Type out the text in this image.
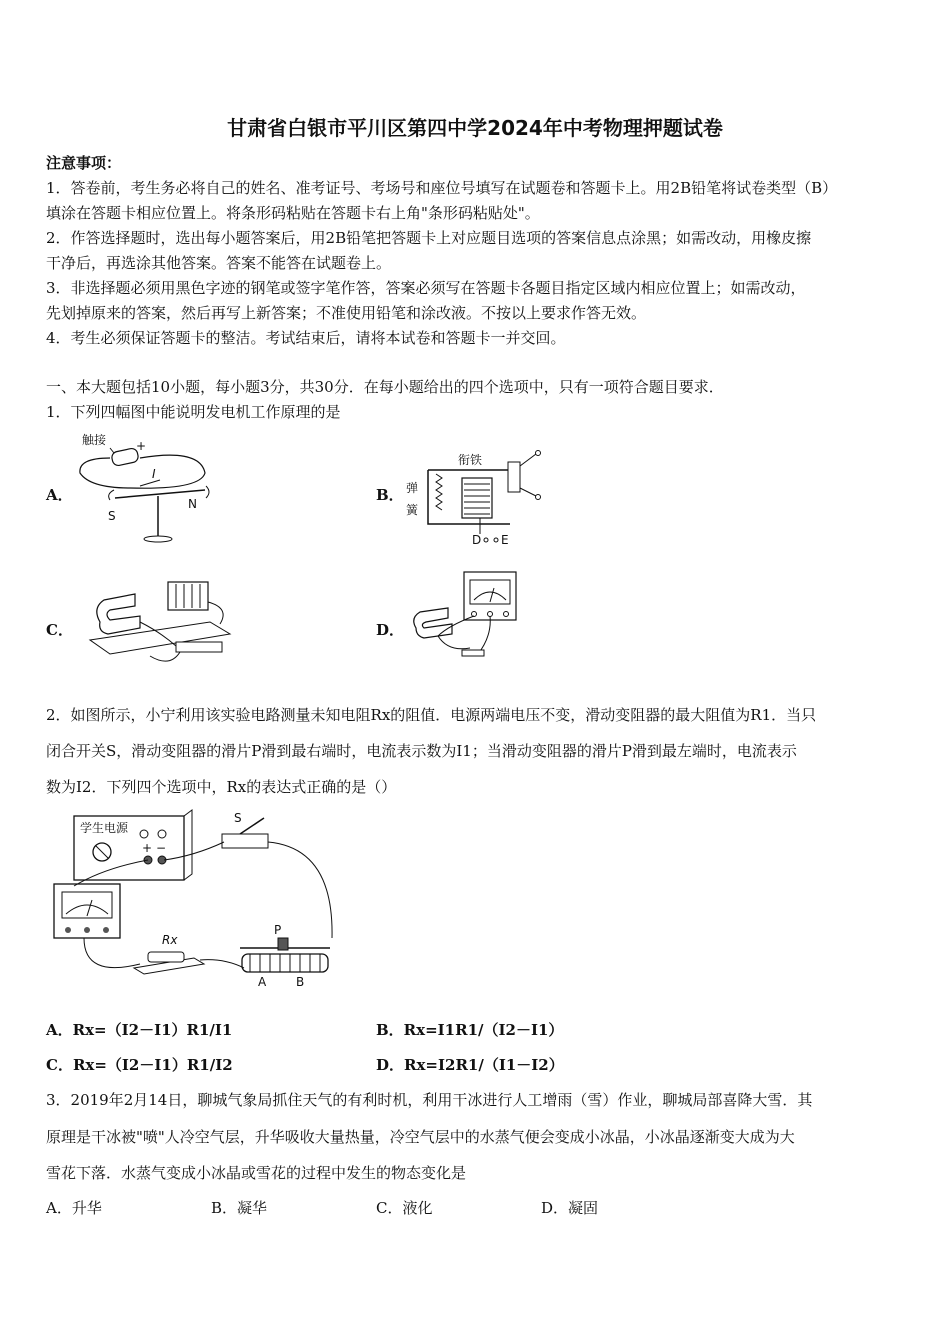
甘肃省白银市平川区第四中学2024年中考物理押题试卷
注意事项：
1．答卷前，考生务必将自己的姓名、准考证号、考场号和座位号填写在试题卷和答题卡上。用2B铅笔将试卷类型（B）
填涂在答题卡相应位置上。将条形码粘贴在答题卡右上角"条形码粘贴处"。
2．作答选择题时，选出每小题答案后，用2B铅笔把答题卡上对应题目选项的答案信息点涂黑；如需改动，用橡皮擦
干净后，再选涂其他答案。答案不能答在试题卷上。
3．非选择题必须用黑色字迹的钢笔或签字笔作答，答案必须写在答题卡各题目指定区域内相应位置上；如需改动，
先划掉原来的答案，然后再写上新答案；不准使用铅笔和涂改液。不按以上要求作答无效。
4．考生必须保证答题卡的整洁。考试结束后，请将本试卷和答题卡一并交回。
一、本大题包括10小题，每小题3分，共30分．在每小题给出的四个选项中，只有一项符合题目要求．
1．下列四幅图中能说明发电机工作原理的是
A．	B．
C．	D．
触接 +
I
S
N
衔铁
弹
簧
D E
2．如图所示，小宁利用该实验电路测量未知电阻Rx的阻值．电源两端电压不变，滑动变阻器的最大阻值为R1．当只
闭合开关S，滑动变阻器的滑片P滑到最右端时，电流表示数为I1；当滑动变阻器的滑片P滑到最左端时，电流表示
数为I2．下列四个选项中，Rx的表达式正确的是（）
学生电源
+ −
S
Rx
P
A B
A．Rx=（I2－I1）R1/I1	B．Rx=I1R1/（I2－I1）
C．Rx=（I2－I1）R1/I2	D．Rx=I2R1/（I1－I2）
3．2019年2月14日，聊城气象局抓住天气的有利时机，利用干冰进行人工增雨（雪）作业，聊城局部喜降大雪．其
原理是干冰被"喷"人冷空气层，升华吸收大量热量，冷空气层中的水蒸气便会变成小冰晶，小冰晶逐渐变大成为大
雪花下落．水蒸气变成小冰晶或雪花的过程中发生的物态变化是
A．升华	B．凝华	C．液化	D．凝固
